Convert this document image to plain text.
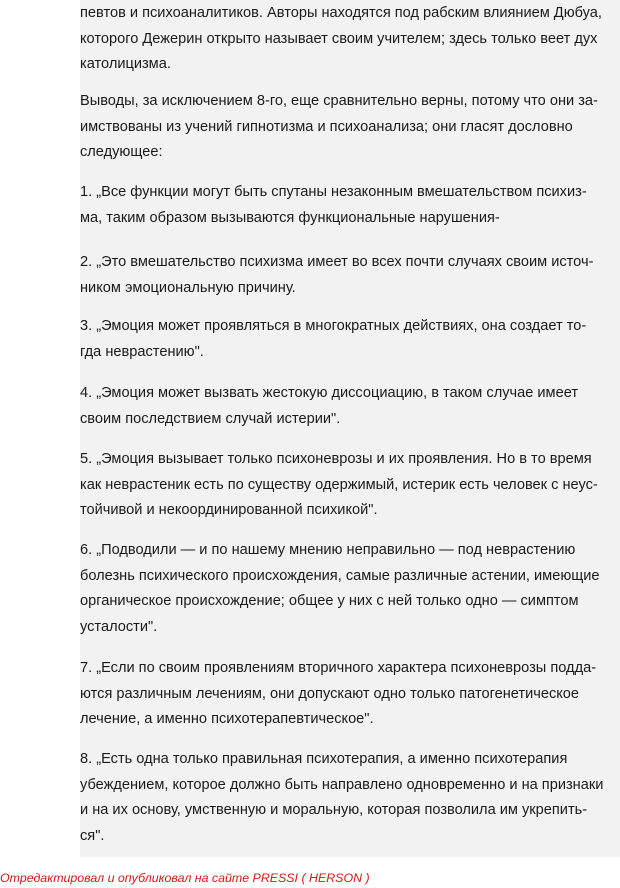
певтов и психоаналитиков. Авторы находятся под рабским влиянием Дюбуа,
которого Дежерин открыто называет своим учителем; здесь только веет дух
католицизма.

Выводы, за исключением 8-го, еще сравнительно верны, потому что они за-
имствованы из учений гипнотизма и психоанализа; они гласят дословно
следующее:

1. „Все функции могут быть спутаны незаконным вмешательством психиз-
ма, таким образом вызываются функциональные нарушения-

2. „Это вмешательство психизма имеет во всех почти случаях своим источ-
ником эмоциональную причину.

3. „Эмоция может проявляться в многократных действиях, она создает то-
гда неврастению".

4. „Эмоция может вызвать жестокую диссоциацию, в таком случае имеет
своим последствием случай истерии".

5. „Эмоция вызывает только психоневрозы и их проявления. Но в то время
как неврастеник есть по существу одержимый, истерик есть человек с неус-
тойчивой и некоординированной психикой".

6. „Подводили — и по нашему мнению неправильно — под неврастению
болезнь психического происхождения, самые различные астении, имеющие
органическое происхождение; общее у них с ней только одно — симптом
усталости".

7. „Если по своим проявлениям вторичного характера психоневрозы подда-
ются различным лечениям, они допускают одно только патогенетическое
лечение, а именно психотерапевтическое".

8. „Есть одна только правильная психотерапия, а именно психотерапия
убеждением, которое должно быть направлено одновременно и на признаки
и на их основу, умственную и моральную, которая позволила им укрепить-
ся".

Отредактировал и опубликовал на сайте PRESSI ( HERSON )
